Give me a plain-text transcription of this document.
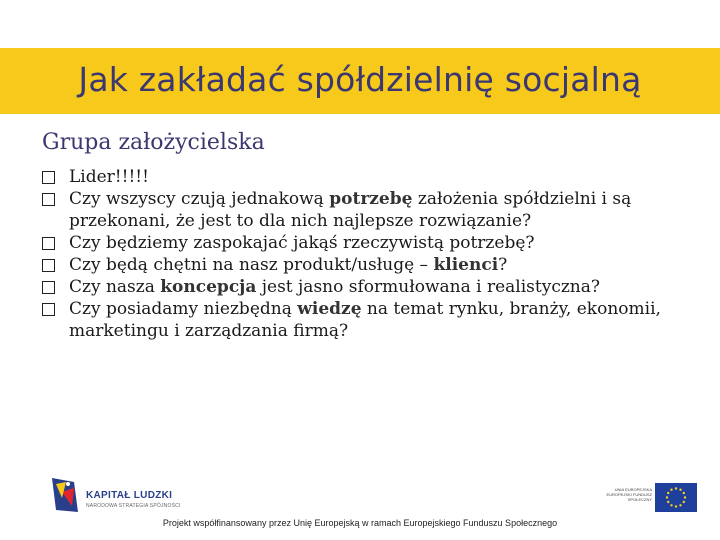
Jak zakładać spółdzielnię socjalną
Grupa założycielska
Lider!!!!!
Czy wszyscy czują jednakową potrzebę założenia spółdzielni i są przekonani, że jest to dla nich najlepsze rozwiązanie?
Czy będziemy zaspokajać jakąś rzeczywistą potrzebę?
Czy będą chętni na nasz produkt/usługę – klienci?
Czy nasza koncepcja jest jasno sformułowana i realistyczna?
Czy posiadamy niezbędną wiedzę na temat rynku, branży, ekonomii, marketingu i zarządzania firmą?
KAPITAŁ LUDZKI
NARODOWA STRATEGIA SPÓJNOŚCI
UNIA EUROPEJSKA EUROPEJSKI FUNDUSZ SPOŁECZNY
Projekt współfinansowany przez Unię Europejską w ramach Europejskiego Funduszu Społecznego
